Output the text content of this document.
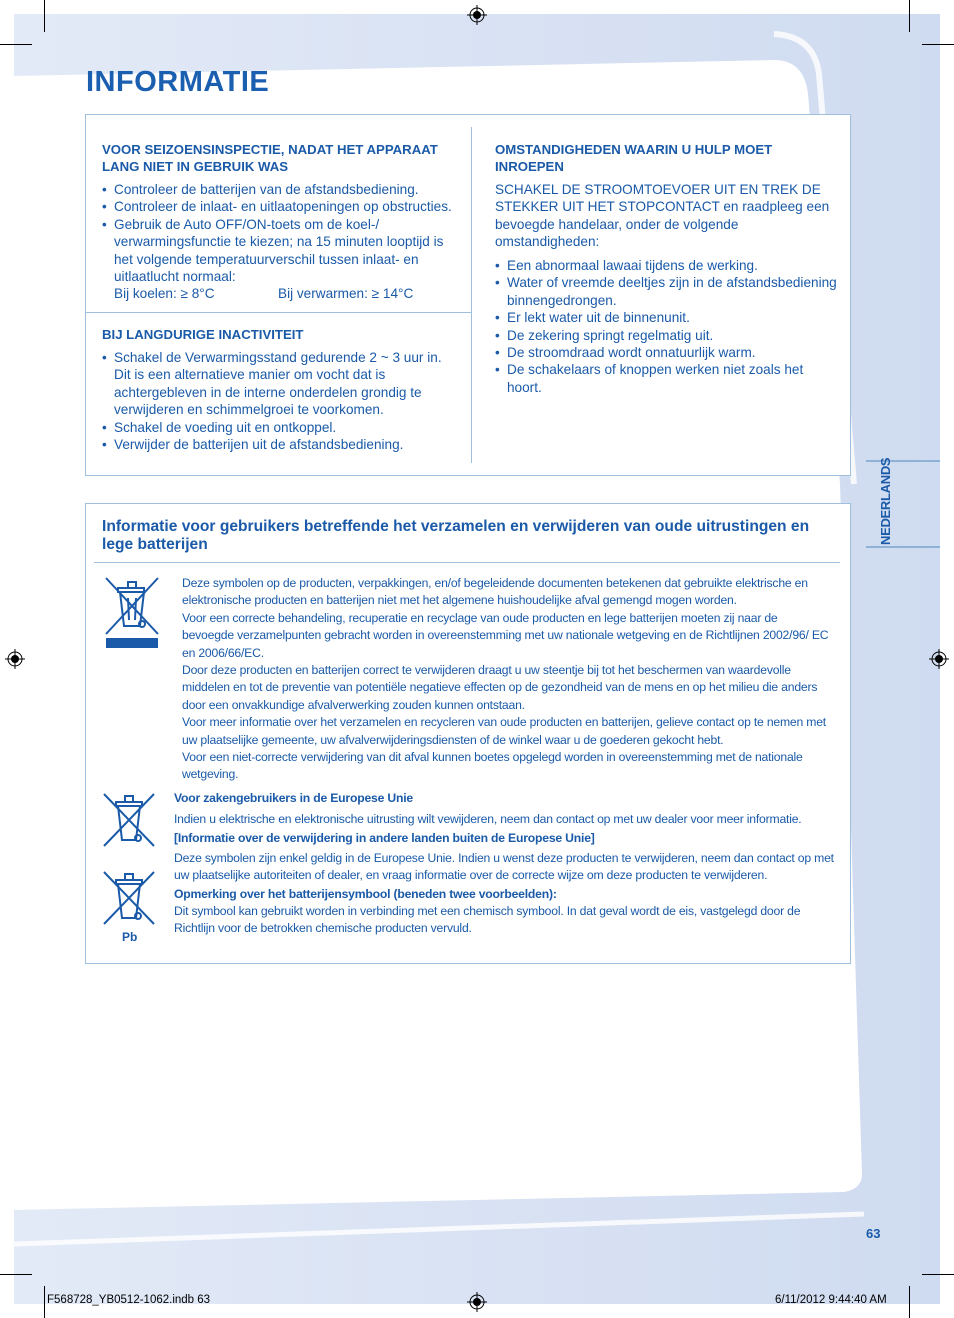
INFORMATIE
NEDERLANDS
VOOR SEIZOENSINSPECTIE, NADAT HET APPARAAT LANG NIET IN GEBRUIK WAS
• Controleer de batterijen van de afstandsbediening.
• Controleer de inlaat- en uitlaatopeningen op obstructies.
• Gebruik de Auto OFF/ON-toets om de koel-/ verwarmingsfunctie te kiezen; na 15 minuten looptijd is het volgende temperatuurverschil tussen inlaat- en uitlaatlucht normaal:
Bij koelen: ≥ 8°C	Bij verwarmen: ≥ 14°C
BIJ LANGDURIGE INACTIVITEIT
• Schakel de Verwarmingsstand gedurende 2 ~ 3 uur in. Dit is een alternatieve manier om vocht dat is achtergebleven in de interne onderdelen grondig te verwijderen en schimmelgroei te voorkomen.
• Schakel de voeding uit en ontkoppel.
• Verwijder de batterijen uit de afstandsbediening.
OMSTANDIGHEDEN WAARIN U HULP MOET INROEPEN

SCHAKEL DE STROOMTOEVOER UIT EN TREK DE STEKKER UIT HET STOPCONTACT en raadpleeg een bevoegde handelaar, onder de volgende omstandigheden:

• Een abnormaal lawaai tijdens de werking.
• Water of vreemde deeltjes zijn in de afstandsbediening binnengedrongen.
• Er lekt water uit de binnenunit.
• De zekering springt regelmatig uit.
• De stroomdraad wordt onnatuurlijk warm.
• De schakelaars of knoppen werken niet zoals het hoort.
Informatie voor gebruikers betreffende het verzamelen en verwijderen van oude uitrustingen en lege batterijen

Deze symbolen op de producten, verpakkingen, en/of begeleidende documenten betekenen dat gebruikte elektrische en elektronische producten en batterijen niet met het algemene huishoudelijke afval gemengd mogen worden.

Voor een correcte behandeling, recuperatie en recyclage van oude producten en lege batterijen moeten zij naar de bevoegde verzamelpunten gebracht worden in overeenstemming met uw nationale wetgeving en de Richtlijnen 2002/96/ EC en 2006/66/EC.

Door deze producten en batterijen correct te verwijderen draagt u uw steentje bij tot het beschermen van waardevolle middelen en tot de preventie van potentiële negatieve effecten op de gezondheid van de mens en op het milieu die anders door een onvakkundige afvalverwerking zouden kunnen ontstaan.

Voor meer informatie over het verzamelen en recycleren van oude producten en batterijen, gelieve contact op te nemen met uw plaatselijke gemeente, uw afvalverwijderingsdiensten of de winkel waar u de goederen gekocht hebt.

Voor een niet-correcte verwijdering van dit afval kunnen boetes opgelegd worden in overeenstemming met de nationale wetgeving.

Pb

Voor zakengebruikers in de Europese Unie

Indien u elektrische en elektronische uitrusting wilt vewijderen, neem dan contact op met uw dealer voor meer informatie.

[Informatie over de verwijdering in andere landen buiten de Europese Unie]

Deze symbolen zijn enkel geldig in de Europese Unie. Indien u wenst deze producten te verwijderen, neem dan contact op met uw plaatselijke autoriteiten of dealer, en vraag informatie over de correcte wijze om deze producten te verwijderen.

Opmerking over het batterijensymbool (beneden twee voorbeelden):

Dit symbool kan gebruikt worden in verbinding met een chemisch symbool. In dat geval wordt de eis, vastgelegd door de Richtlijn voor de betrokken chemische producten vervuld.

63
F568728_YB0512-1062.indb 63	6/11/2012 9:44:40 AM
